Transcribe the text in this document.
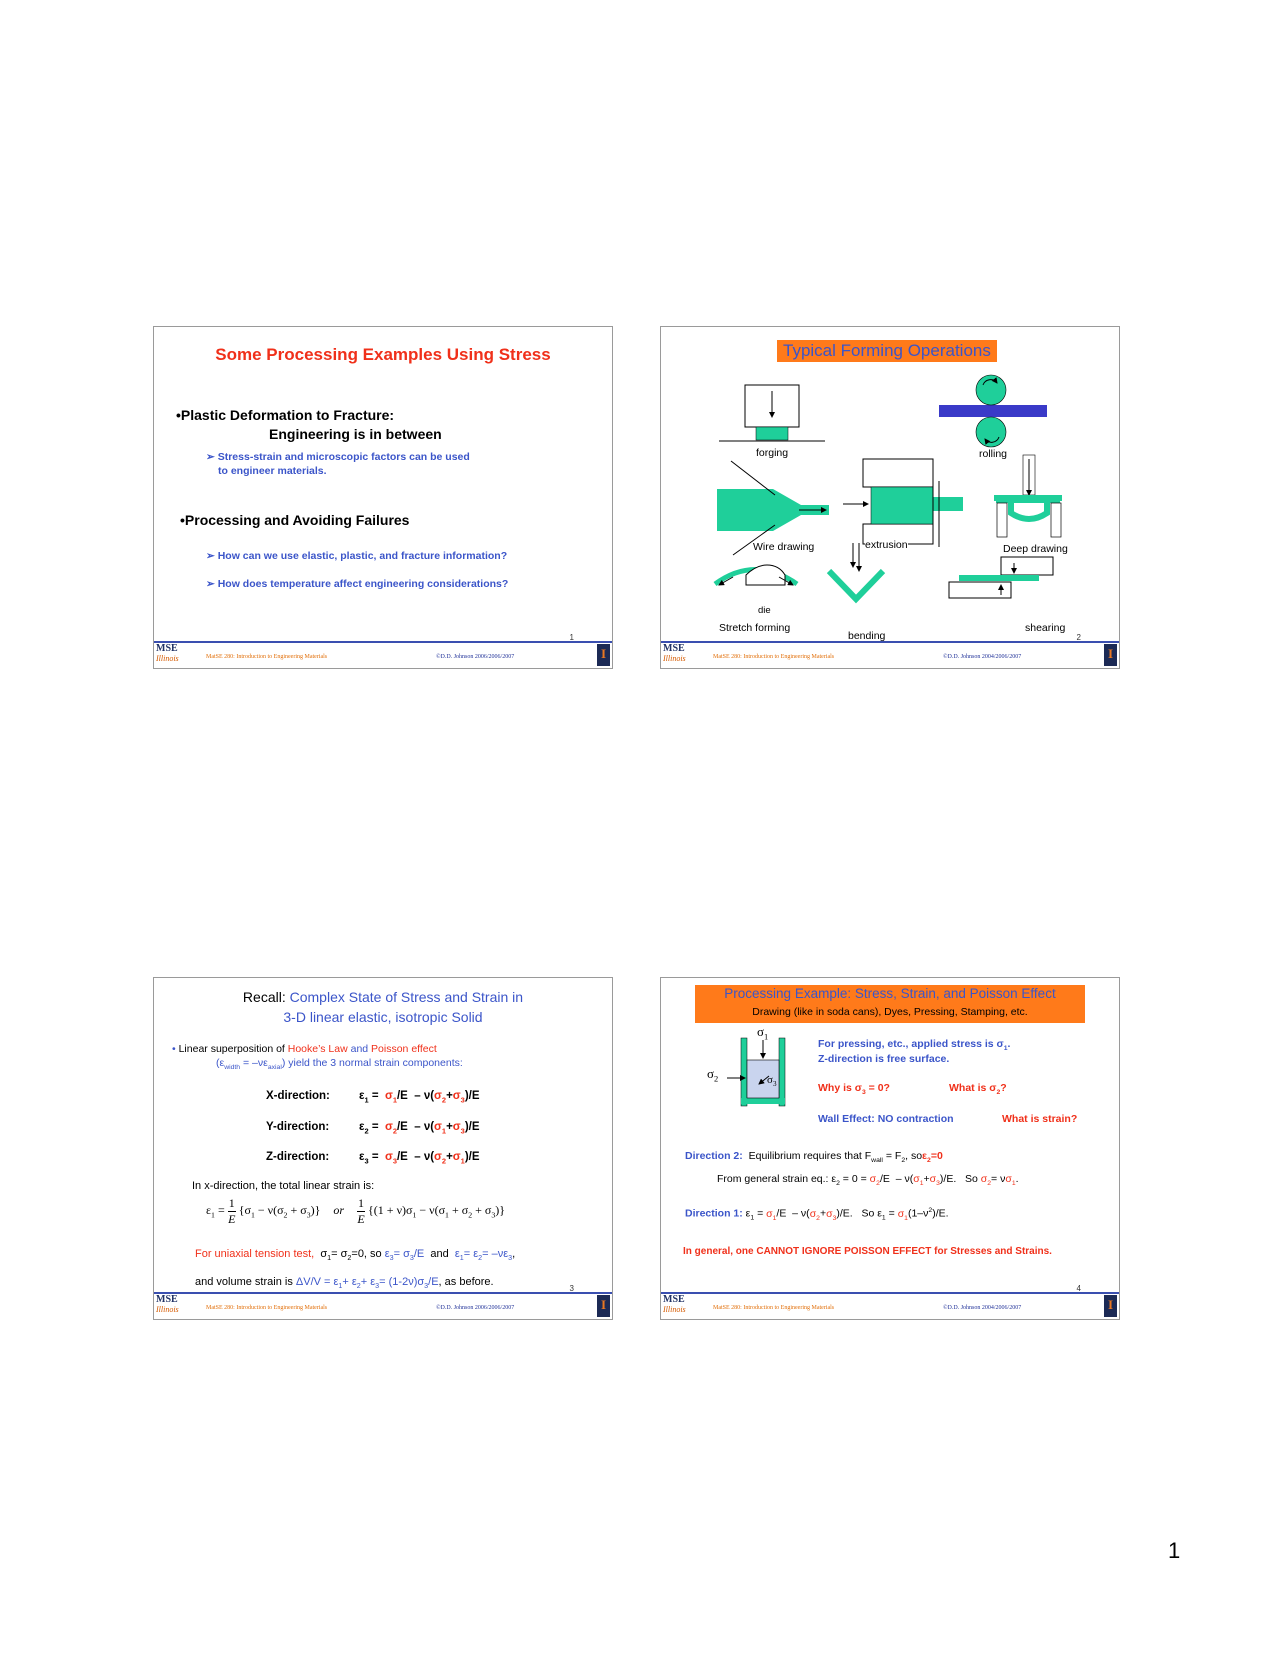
Some Processing Examples Using Stress
•Plastic Deformation to Fracture:
Engineering is in between
➢ Stress-strain and microscopic factors can be used
to engineer materials.
•Processing and Avoiding Failures
➢ How can we use elastic, plastic, and fracture information?
➢ How does temperature affect engineering considerations?
1
MSE
Illinois	MatSE 280: Introduction to Engineering Materials	©D.D. Johnson 2006/2006/2007	I
Typical Forming Operations
forging	rolling
Wire drawing	extrusion	Deep drawing
die
Stretch forming
bending
shearing
2
MSE
Illinois	MatSE 280: Introduction to Engineering Materials	©D.D. Johnson 2004/2006/2007	I
Recall: Complex State of Stress and Strain in
3-D linear elastic, isotropic Solid
• Linear superposition of Hooke’s Law and Poisson effect
$(\varepsilon_{width} = -\nu\varepsilon_{axial})$ yield the 3 normal strain components:
X-direction:	$\varepsilon_1 = \sigma_1/E - \nu(\sigma_2+\sigma_3)/E$
Y-direction:	$\varepsilon_2 = \sigma_2/E - \nu(\sigma_1+\sigma_3)/E$
Z-direction:	$\varepsilon_3 = \sigma_3/E - \nu(\sigma_2+\sigma_1)/E$
In x-direction, the total linear strain is:
$\varepsilon_1 = \frac{1}{E} \{\sigma_1 - \nu(\sigma_2 + \sigma_3)\}$ or $\frac{1}{E} \{(1 + \nu)\sigma_1 - \nu(\sigma_1 + \sigma_2 + \sigma_3)\}$
For uniaxial tension test,  $\sigma_1= \sigma_2=0$, so $\varepsilon_3= \sigma_3/E$  and  $\varepsilon_1= \varepsilon_2= -\nu\varepsilon_3$,
and volume strain is $\Delta V/V = \varepsilon_1+ \varepsilon_2+ \varepsilon_3= (1-2\nu)\sigma_3/E$, as before.
3
MSE
Illinois	MatSE 280: Introduction to Engineering Materials	©D.D. Johnson 2006/2006/2007	I
Processing Example: Stress, Strain, and Poisson Effect
Drawing (like in soda cans), Dyes, Pressing, Stamping, etc.
$\sigma_1$
$\sigma_2$	$\sigma_3$
For pressing, etc., applied stress is $\sigma_1$.
Z-direction is free surface.
Why is $\sigma_3 = 0$?	What is $\sigma_2$?
Wall Effect: NO contraction	What is strain?
Direction 2: Equilibrium requires that $F_{wall} = F_2$, soε$_2$=0
From general strain eq.: $\varepsilon_2 = 0 = \sigma_2/E - \nu(\sigma_1+\sigma_3)/E$.   So $\sigma_2= \nu\sigma_1$.
Direction 1: $\varepsilon_1 = \sigma_1/E - \nu(\sigma_2+\sigma_3)/E$.   So $\varepsilon_1 = \sigma_1(1-\nu^2)/E$.
In general, one CANNOT IGNORE POISSON EFFECT for Stresses and Strains.
4
MSE
Illinois	MatSE 280: Introduction to Engineering Materials	©D.D. Johnson 2004/2006/2007	I
1
